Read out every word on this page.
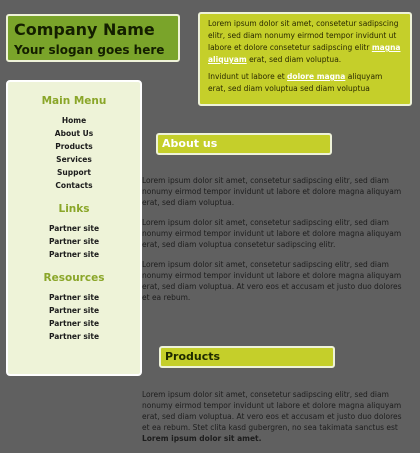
Company Name
Your slogan goes here

Lorem ipsum dolor sit amet, consetetur sadipscing elitr, sed diam nonumy eirmod tempor invidunt ut labore et dolore consetetur sadipscing elitr magna aliquyam erat, sed diam voluptua.

Invidunt ut labore et dolore magna aliquyam erat, sed diam voluptua sed diam voluptua

Main Menu
Home
About Us
Products
Services
Support
Contacts
Links
Partner site
Partner site
Partner site
Resources
Partner site
Partner site
Partner site
Partner site
About us

Lorem ipsum dolor sit amet, consetetur sadipscing elitr, sed diam nonumy eirmod tempor invidunt ut labore et dolore magna aliquyam erat, sed diam voluptua.

Lorem ipsum dolor sit amet, consetetur sadipscing elitr, sed diam nonumy eirmod tempor invidunt ut labore et dolore magna aliquyam erat, sed diam voluptua consetetur sadipscing elitr.

Lorem ipsum dolor sit amet, consetetur sadipscing elitr, sed diam nonumy eirmod tempor invidunt ut labore et dolore magna aliquyam erat, sed diam voluptua. At vero eos et accusam et justo duo dolores et ea rebum.

Products

Lorem ipsum dolor sit amet, consetetur sadipscing elitr, sed diam nonumy eirmod tempor invidunt ut labore et dolore magna aliquyam erat, sed diam voluptua. At vero eos et accusam et justo duo dolores et ea rebum. Stet clita kasd gubergren, no sea takimata sanctus est Lorem ipsum dolor sit amet.
